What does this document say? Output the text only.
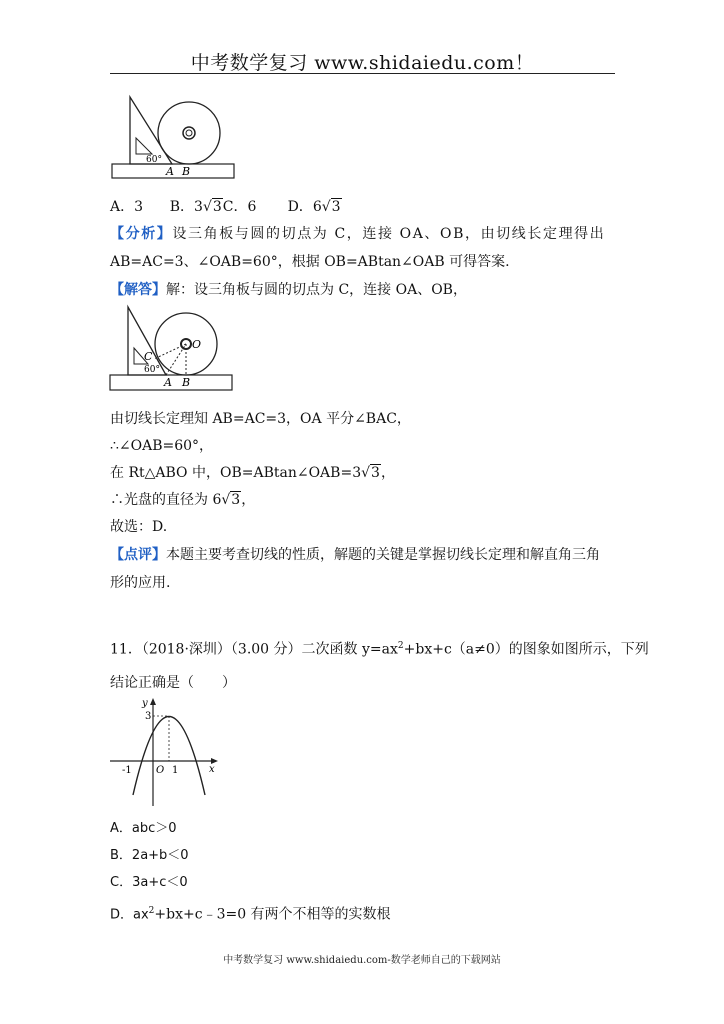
中考数学复习 www.shidaiedu.com！
60°
A B
A．3 B．3√3C．6 D．6√3
【分析】设三角板与圆的切点为 C，连接 OA、OB，由切线长定理得出
AB=AC=3、∠OAB=60°，根据 OB=ABtan∠OAB 可得答案.
【解答】解：设三角板与圆的切点为 C，连接 OA、OB，
C
O
60°
A B
由切线长定理知 AB=AC=3，OA 平分∠BAC，
∴∠OAB=60°，
在 Rt△ABO 中，OB=ABtan∠OAB=3√3，
∴光盘的直径为 6√3，
故选：D.
【点评】本题主要考查切线的性质，解题的关键是掌握切线长定理和解直角三角
形的应用.
11．（2018·深圳）（3.00 分）二次函数 $y=ax^2+bx+c(a\ne 0)$的图象如图所示，下列
结论正确是（　　）
y
x
3
-1 O 1
A．abc＞0
B．2a+b＜0
C．3a+c＜0
D．$ax^2+bx+c﹣3=0$ 有两个不相等的实数根
中考数学复习 www.shidaiedu.com-数学老师自己的下载网站
